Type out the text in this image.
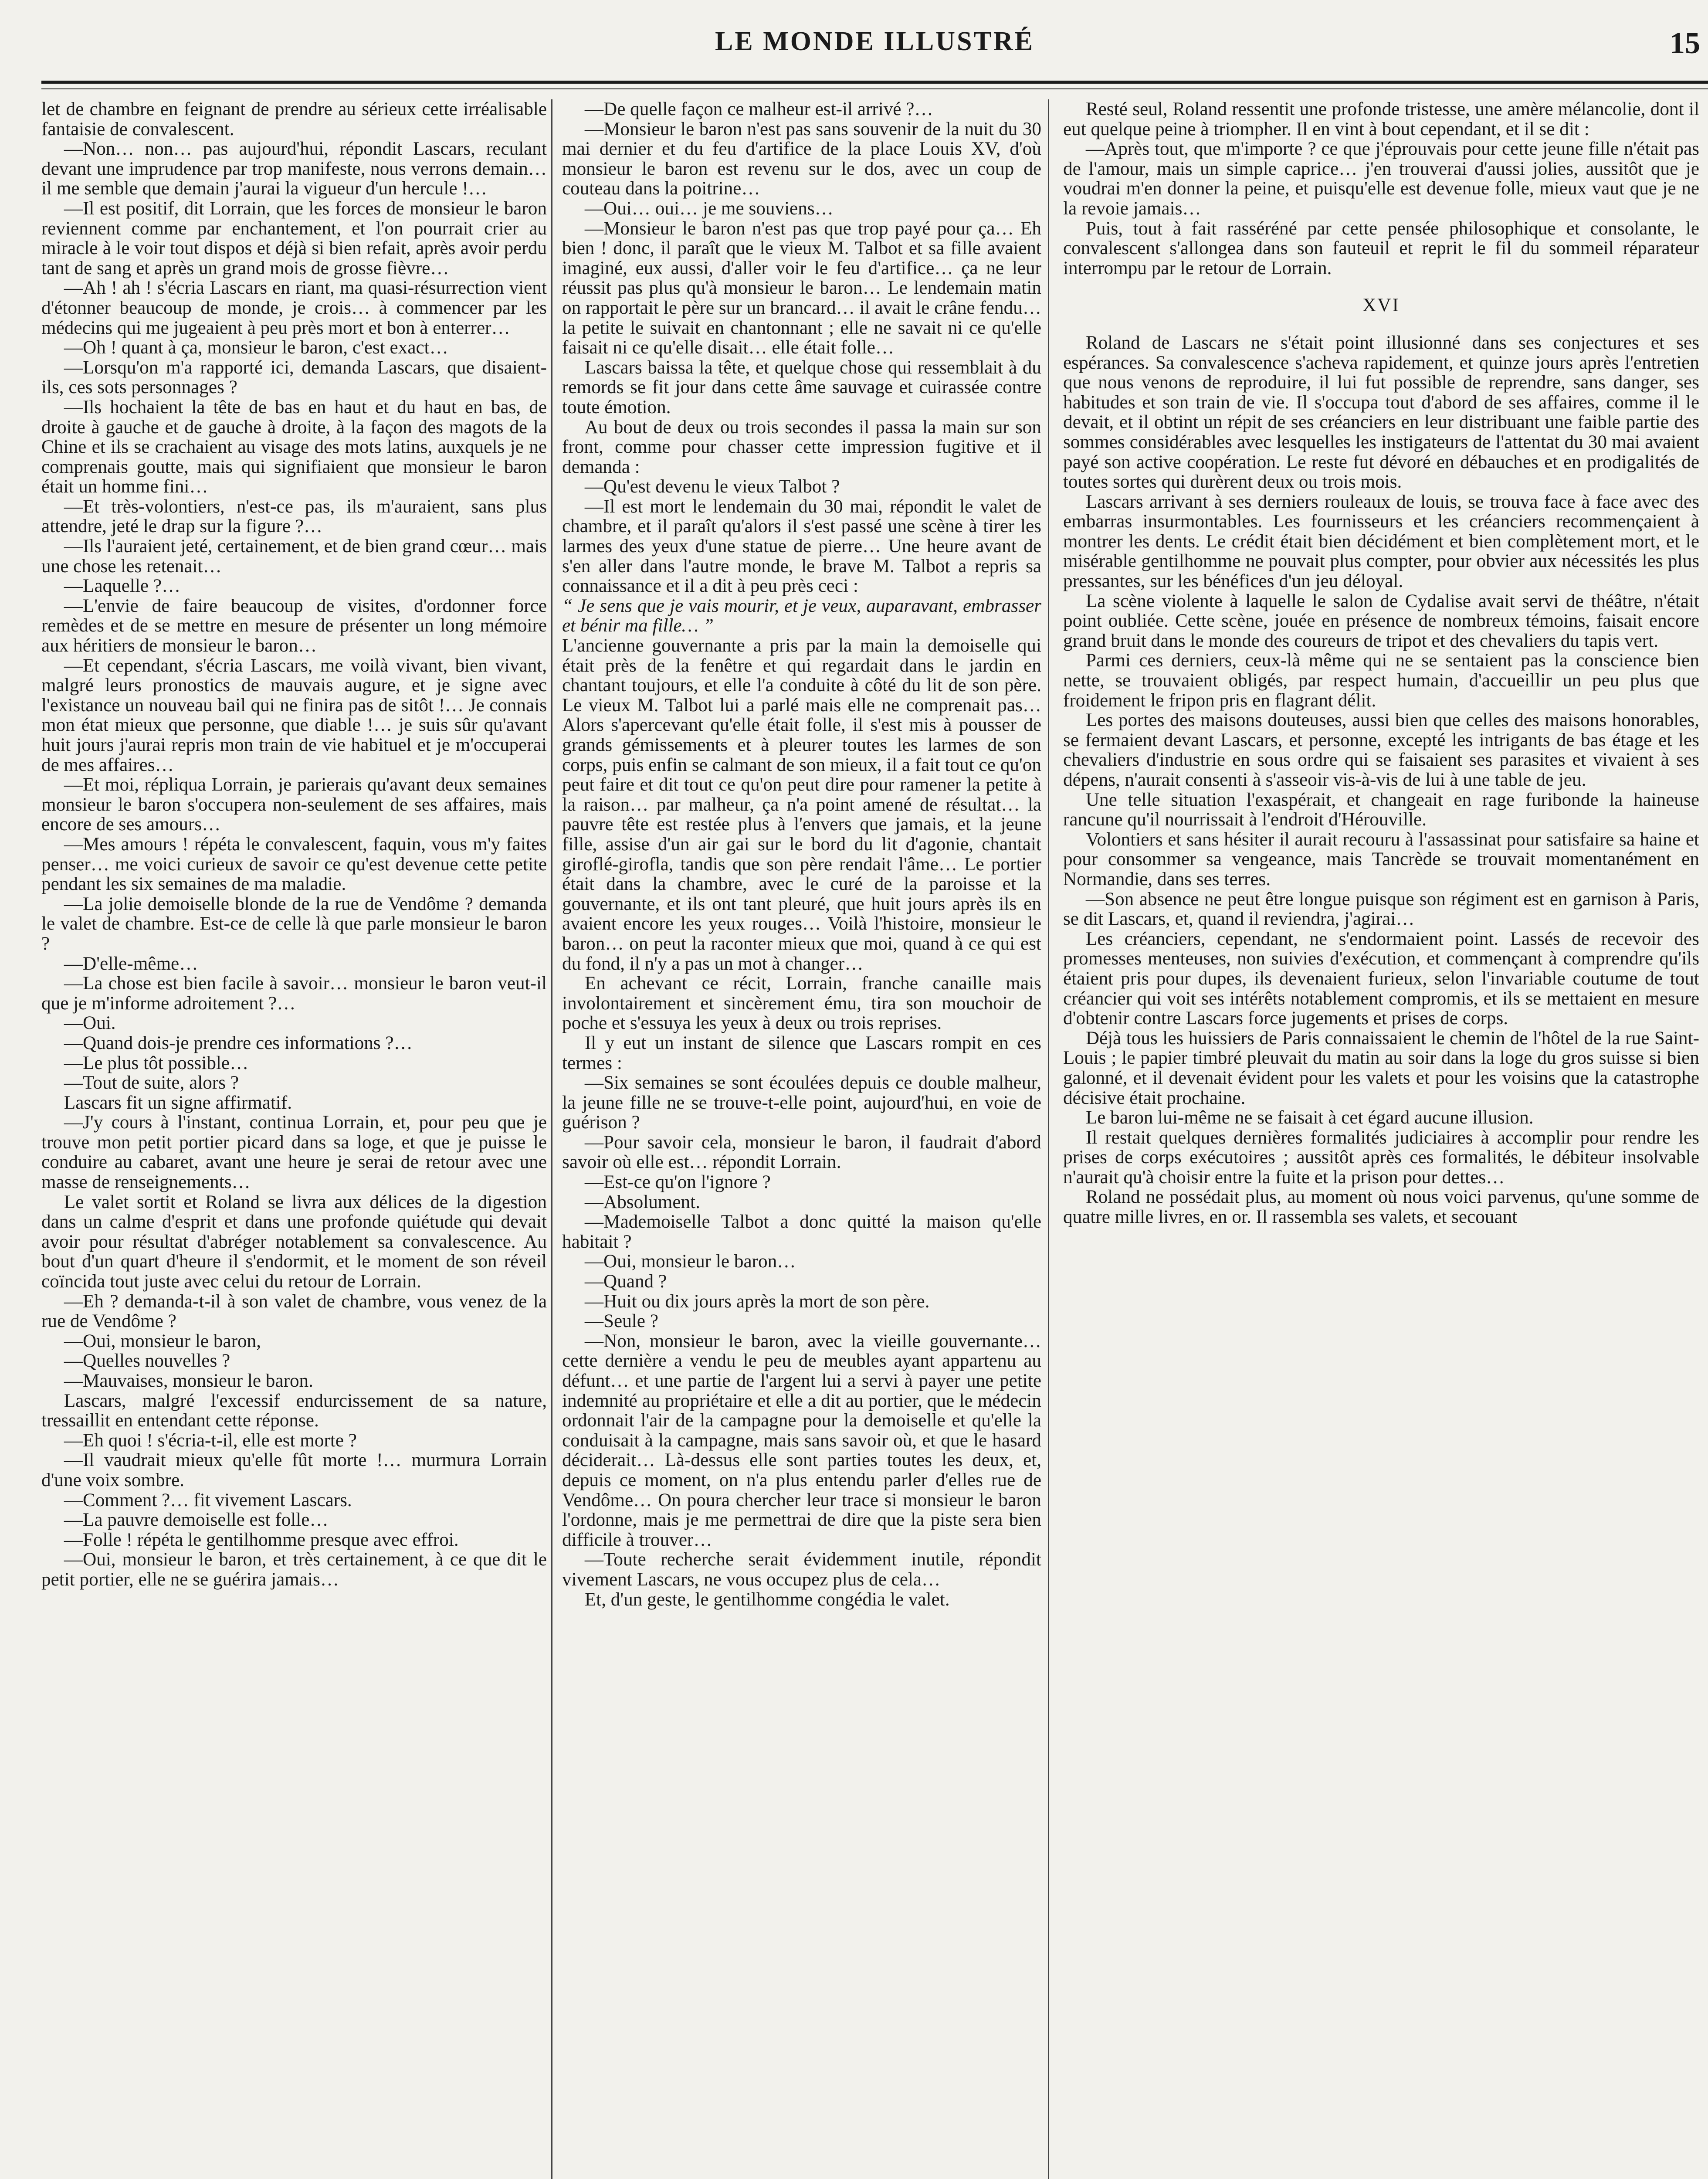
LE MONDE ILLUSTRÉ	15

let de chambre en feignant de prendre au sérieux cette irréalisable fantaisie de convalescent.

—Non… non… pas aujourd'hui, répondit Lascars, reculant devant une imprudence par trop manifeste, nous verrons demain… il me semble que demain j'aurai la vigueur d'un hercule !…

—Il est positif, dit Lorrain, que les forces de monsieur le baron reviennent comme par enchantement, et l'on pourrait crier au miracle à le voir tout dispos et déjà si bien refait, après avoir perdu tant de sang et après un grand mois de grosse fièvre…

—Ah ! ah ! s'écria Lascars en riant, ma quasi-résurrection vient d'étonner beaucoup de monde, je crois… à commencer par les médecins qui me jugeaient à peu près mort et bon à enterrer…

—Oh ! quant à ça, monsieur le baron, c'est exact…

—Lorsqu'on m'a rapporté ici, demanda Lascars, que disaient-ils, ces sots personnages ?

—Ils hochaient la tête de bas en haut et du haut en bas, de droite à gauche et de gauche à droite, à la façon des magots de la Chine et ils se crachaient au visage des mots latins, auxquels je ne comprenais goutte, mais qui signifiaient que monsieur le baron était un homme fini…

—Et très-volontiers, n'est-ce pas, ils m'auraient, sans plus attendre, jeté le drap sur la figure ?…

—Ils l'auraient jeté, certainement, et de bien grand cœur… mais une chose les retenait…

—Laquelle ?…

—L'envie de faire beaucoup de visites, d'ordonner force remèdes et de se mettre en mesure de présenter un long mémoire aux héritiers de monsieur le baron…

—Et cependant, s'écria Lascars, me voilà vivant, bien vivant, malgré leurs pronostics de mauvais augure, et je signe avec l'existance un nouveau bail qui ne finira pas de sitôt !… Je connais mon état mieux que personne, que diable !… je suis sûr qu'avant huit jours j'aurai repris mon train de vie habituel et je m'occuperai de mes affaires…

—Et moi, répliqua Lorrain, je parierais qu'avant deux semaines monsieur le baron s'occupera non-seulement de ses affaires, mais encore de ses amours…

—Mes amours ! répéta le convalescent, faquin, vous m'y faites penser… me voici curieux de savoir ce qu'est devenue cette petite pendant les six semaines de ma maladie.

—La jolie demoiselle blonde de la rue de Vendôme ? demanda le valet de chambre. Est-ce de celle là que parle monsieur le baron ?

—D'elle-même…

—La chose est bien facile à savoir… monsieur le baron veut-il que je m'informe adroitement ?…

—Oui.

—Quand dois-je prendre ces informations ?…

—Le plus tôt possible…

—Tout de suite, alors ?

Lascars fit un signe affirmatif.

—J'y cours à l'instant, continua Lorrain, et, pour peu que je trouve mon petit portier picard dans sa loge, et que je puisse le conduire au cabaret, avant une heure je serai de retour avec une masse de renseignements…

Le valet sortit et Roland se livra aux délices de la digestion dans un calme d'esprit et dans une profonde quiétude qui devait avoir pour résultat d'abréger notablement sa convalescence. Au bout d'un quart d'heure il s'endormit, et le moment de son réveil coïncida tout juste avec celui du retour de Lorrain.

—Eh ? demanda-t-il à son valet de chambre, vous venez de la rue de Vendôme ?

—Oui, monsieur le baron,

—Quelles nouvelles ?

—Mauvaises, monsieur le baron.

Lascars, malgré l'excessif endurcissement de sa nature, tressaillit en entendant cette réponse.

—Eh quoi ! s'écria-t-il, elle est morte ?

—Il vaudrait mieux qu'elle fût morte !… murmura Lorrain d'une voix sombre.

—Comment ?… fit vivement Lascars.

—La pauvre demoiselle est folle…

—Folle ! répéta le gentilhomme presque avec effroi.

—Oui, monsieur le baron, et très certainement, à ce que dit le petit portier, elle ne se guérira jamais…

—De quelle façon ce malheur est-il arrivé ?…

—Monsieur le baron n'est pas sans souvenir de la nuit du 30 mai dernier et du feu d'artifice de la place Louis XV, d'où monsieur le baron est revenu sur le dos, avec un coup de couteau dans la poitrine…

—Oui… oui… je me souviens…

—Monsieur le baron n'est pas que trop payé pour ça… Eh bien ! donc, il paraît que le vieux M. Talbot et sa fille avaient imaginé, eux aussi, d'aller voir le feu d'artifice… ça ne leur réussit pas plus qu'à monsieur le baron… Le lendemain matin on rapportait le père sur un brancard… il avait le crâne fendu… la petite le suivait en chantonnant ; elle ne savait ni ce qu'elle faisait ni ce qu'elle disait… elle était folle…

Lascars baissa la tête, et quelque chose qui ressemblait à du remords se fit jour dans cette âme sauvage et cuirassée contre toute émotion.

Au bout de deux ou trois secondes il passa la main sur son front, comme pour chasser cette impression fugitive et il demanda :

—Qu'est devenu le vieux Talbot ?

—Il est mort le lendemain du 30 mai, répondit le valet de chambre, et il paraît qu'alors il s'est passé une scène à tirer les larmes des yeux d'une statue de pierre… Une heure avant de s'en aller dans l'autre monde, le brave M. Talbot a repris sa connaissance et il a dit à peu près ceci :

“ Je sens que je vais mourir, et je veux, auparavant, embrasser et bénir ma fille… ”

L'ancienne gouvernante a pris par la main la demoiselle qui était près de la fenêtre et qui regardait dans le jardin en chantant toujours, et elle l'a conduite à côté du lit de son père. Le vieux M. Talbot lui a parlé mais elle ne comprenait pas… Alors s'apercevant qu'elle était folle, il s'est mis à pousser de grands gémissements et à pleurer toutes les larmes de son corps, puis enfin se calmant de son mieux, il a fait tout ce qu'on peut faire et dit tout ce qu'on peut dire pour ramener la petite à la raison… par malheur, ça n'a point amené de résultat… la pauvre tête est restée plus à l'envers que jamais, et la jeune fille, assise d'un air gai sur le bord du lit d'agonie, chantait giroflé-girofla, tandis que son père rendait l'âme… Le portier était dans la chambre, avec le curé de la paroisse et la gouvernante, et ils ont tant pleuré, que huit jours après ils en avaient encore les yeux rouges… Voilà l'histoire, monsieur le baron… on peut la raconter mieux que moi, quand à ce qui est du fond, il n'y a pas un mot à changer…

En achevant ce récit, Lorrain, franche canaille mais involontairement et sincèrement ému, tira son mouchoir de poche et s'essuya les yeux à deux ou trois reprises.

Il y eut un instant de silence que Lascars rompit en ces termes :

—Six semaines se sont écoulées depuis ce double malheur, la jeune fille ne se trouve-t-elle point, aujourd'hui, en voie de guérison ?

—Pour savoir cela, monsieur le baron, il faudrait d'abord savoir où elle est… répondit Lorrain.

—Est-ce qu'on l'ignore ?

—Absolument.

—Mademoiselle Talbot a donc quitté la maison qu'elle habitait ?

—Oui, monsieur le baron…

—Quand ?

—Huit ou dix jours après la mort de son père.

—Seule ?

—Non, monsieur le baron, avec la vieille gouvernante… cette dernière a vendu le peu de meubles ayant appartenu au défunt… et une partie de l'argent lui a servi à payer une petite indemnité au propriétaire et elle a dit au portier, que le médecin ordonnait l'air de la campagne pour la demoiselle et qu'elle la conduisait à la campagne, mais sans savoir où, et que le hasard déciderait… Là-dessus elle sont parties toutes les deux, et, depuis ce moment, on n'a plus entendu parler d'elles rue de Vendôme… On poura chercher leur trace si monsieur le baron l'ordonne, mais je me permettrai de dire que la piste sera bien difficile à trouver…

—Toute recherche serait évidemment inutile, répondit vivement Lascars, ne vous occupez plus de cela…

Et, d'un geste, le gentilhomme congédia le valet.

Resté seul, Roland ressentit une profonde tristesse, une amère mélancolie, dont il eut quelque peine à triompher. Il en vint à bout cependant, et il se dit :

—Après tout, que m'importe ? ce que j'éprouvais pour cette jeune fille n'était pas de l'amour, mais un simple caprice… j'en trouverai d'aussi jolies, aussitôt que je voudrai m'en donner la peine, et puisqu'elle est devenue folle, mieux vaut que je ne la revoie jamais…

Puis, tout à fait rasséréné par cette pensée philosophique et consolante, le convalescent s'allongea dans son fauteuil et reprit le fil du sommeil réparateur interrompu par le retour de Lorrain.

XVI

Roland de Lascars ne s'était point illusionné dans ses conjectures et ses espérances. Sa convalescence s'acheva rapidement, et quinze jours après l'entretien que nous venons de reproduire, il lui fut possible de reprendre, sans danger, ses habitudes et son train de vie. Il s'occupa tout d'abord de ses affaires, comme il le devait, et il obtint un répit de ses créanciers en leur distribuant une faible partie des sommes considérables avec lesquelles les instigateurs de l'attentat du 30 mai avaient payé son active coopération. Le reste fut dévoré en débauches et en prodigalités de toutes sortes qui durèrent deux ou trois mois.

Lascars arrivant à ses derniers rouleaux de louis, se trouva face à face avec des embarras insurmontables. Les fournisseurs et les créanciers recommençaient à montrer les dents. Le crédit était bien décidément et bien complètement mort, et le misérable gentilhomme ne pouvait plus compter, pour obvier aux nécessités les plus pressantes, sur les bénéfices d'un jeu déloyal.

La scène violente à laquelle le salon de Cydalise avait servi de théâtre, n'était point oubliée. Cette scène, jouée en présence de nombreux témoins, faisait encore grand bruit dans le monde des coureurs de tripot et des chevaliers du tapis vert.

Parmi ces derniers, ceux-là même qui ne se sentaient pas la conscience bien nette, se trouvaient obligés, par respect humain, d'accueillir un peu plus que froidement le fripon pris en flagrant délit.

Les portes des maisons douteuses, aussi bien que celles des maisons honorables, se fermaient devant Lascars, et personne, excepté les intrigants de bas étage et les chevaliers d'industrie en sous ordre qui se faisaient ses parasites et vivaient à ses dépens, n'aurait consenti à s'asseoir vis-à-vis de lui à une table de jeu.

Une telle situation l'exaspérait, et changeait en rage furibonde la haineuse rancune qu'il nourrissait à l'endroit d'Hérouville.

Volontiers et sans hésiter il aurait recouru à l'assassinat pour satisfaire sa haine et pour consommer sa vengeance, mais Tancrède se trouvait momentanément en Normandie, dans ses terres.

—Son absence ne peut être longue puisque son régiment est en garnison à Paris, se dit Lascars, et, quand il reviendra, j'agirai…

Les créanciers, cependant, ne s'endormaient point. Lassés de recevoir des promesses menteuses, non suivies d'exécution, et commençant à comprendre qu'ils étaient pris pour dupes, ils devenaient furieux, selon l'invariable coutume de tout créancier qui voit ses intérêts notablement compromis, et ils se mettaient en mesure d'obtenir contre Lascars force jugements et prises de corps.

Déjà tous les huissiers de Paris connaissaient le chemin de l'hôtel de la rue Saint-Louis ; le papier timbré pleuvait du matin au soir dans la loge du gros suisse si bien galonné, et il devenait évident pour les valets et pour les voisins que la catastrophe décisive était prochaine.

Le baron lui-même ne se faisait à cet égard aucune illusion.

Il restait quelques dernières formalités judiciaires à accomplir pour rendre les prises de corps exécutoires ; aussitôt après ces formalités, le débiteur insolvable n'aurait qu'à choisir entre la fuite et la prison pour dettes…

Roland ne possédait plus, au moment où nous voici parvenus, qu'une somme de quatre mille livres, en or. Il rassembla ses valets, et secouant
